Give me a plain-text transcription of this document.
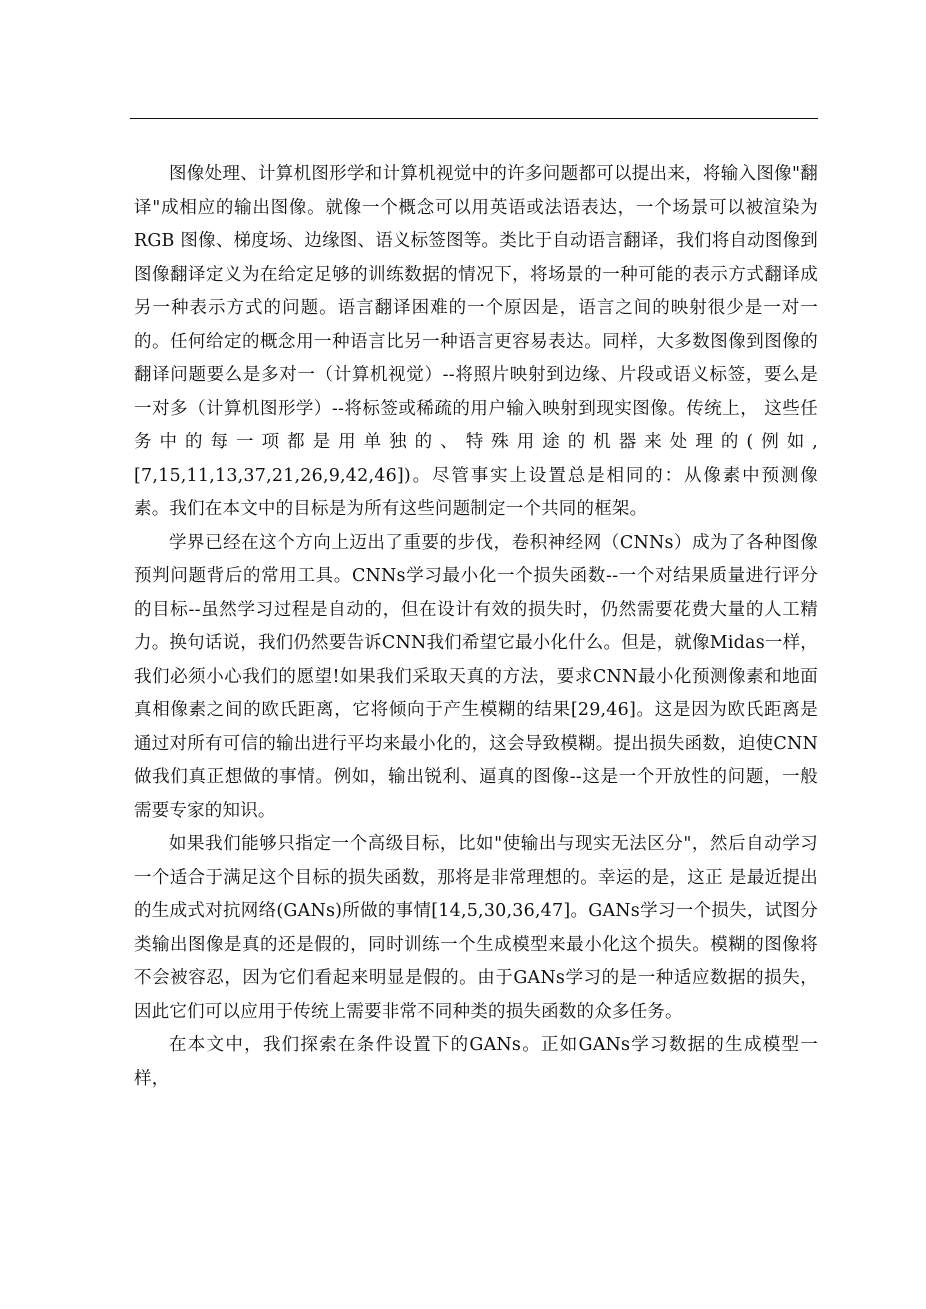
图像处理、计算机图形学和计算机视觉中的许多问题都可以提出来，将输入图像"翻译"成相应的输出图像。就像一个概念可以用英语或法语表达，一个场景可以被渲染为RGB 图像、梯度场、边缘图、语义标签图等。类比于自动语言翻译，我们将自动图像到图像翻译定义为在给定足够的训练数据的情况下，将场景的一种可能的表示方式翻译成另一种表示方式的问题。语言翻译困难的一个原因是，语言之间的映射很少是一对一的。任何给定的概念用一种语言比另一种语言更容易表达。同样，大多数图像到图像的翻译问题要么是多对一（计算机视觉）--将照片映射到边缘、片段或语义标签，要么是一对多（计算机图形学）--将标签或稀疏的用户输入映射到现实图像。传统上， 这些任务中的每一项都是用单独的、特殊用途的机器来处理的(例如,[7,15,11,13,37,21,26,9,42,46])。尽管事实上设置总是相同的：从像素中预测像素。我们在本文中的目标是为所有这些问题制定一个共同的框架。

学界已经在这个方向上迈出了重要的步伐，卷积神经网（CNNs）成为了各种图像预判问题背后的常用工具。CNNs学习最小化一个损失函数--一个对结果质量进行评分的目标--虽然学习过程是自动的，但在设计有效的损失时，仍然需要花费大量的人工精力。换句话说，我们仍然要告诉CNN我们希望它最小化什么。但是，就像Midas一样，我们必须小心我们的愿望!如果我们采取天真的方法，要求CNN最小化预测像素和地面真相像素之间的欧氏距离，它将倾向于产生模糊的结果[29,46]。这是因为欧氏距离是通过对所有可信的输出进行平均来最小化的，这会导致模糊。提出损失函数，迫使CNN做我们真正想做的事情。例如，输出锐利、逼真的图像--这是一个开放性的问题，一般需要专家的知识。

如果我们能够只指定一个高级目标，比如"使输出与现实无法区分"，然后自动学习一个适合于满足这个目标的损失函数，那将是非常理想的。幸运的是，这正 是最近提出的生成式对抗网络(GANs)所做的事情[14,5,30,36,47]。GANs学习一个损失，试图分类输出图像是真的还是假的，同时训练一个生成模型来最小化这个损失。模糊的图像将不会被容忍，因为它们看起来明显是假的。由于GANs学习的是一种适应数据的损失，因此它们可以应用于传统上需要非常不同种类的损失函数的众多任务。

在本文中，我们探索在条件设置下的GANs。正如GANs学习数据的生成模型一样，
